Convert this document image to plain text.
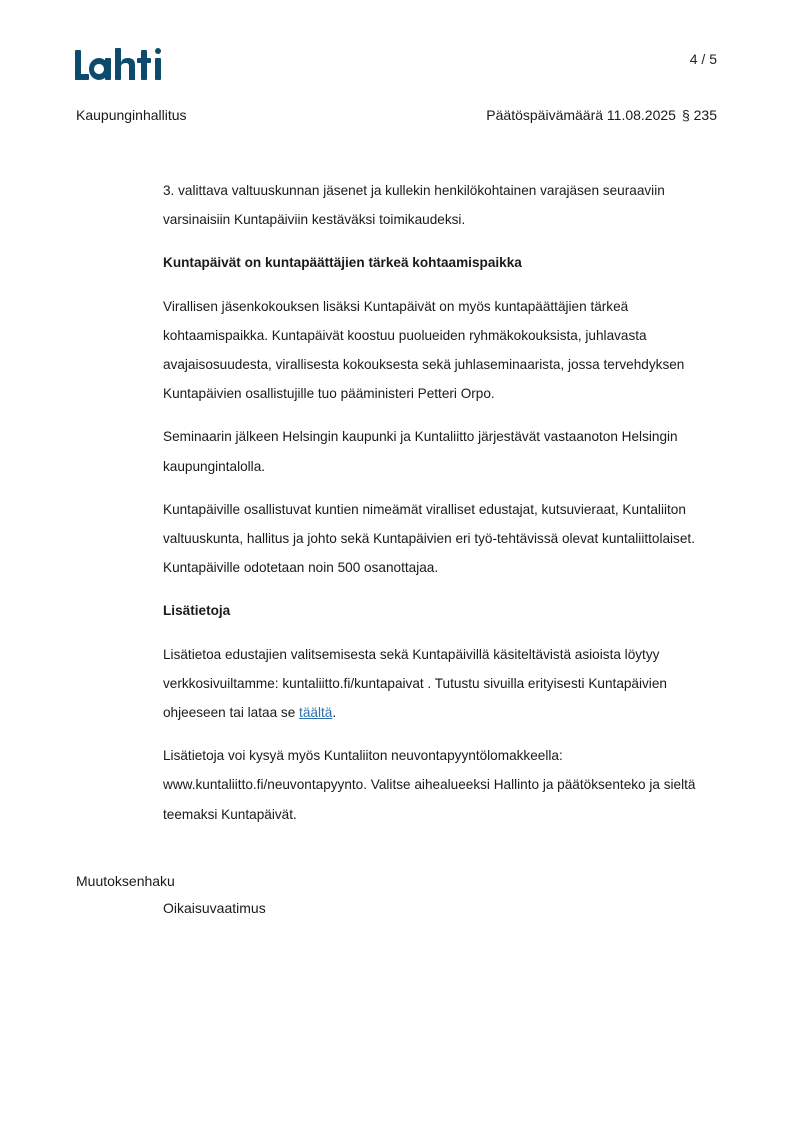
4 / 5
Kaupunginhallitus	Päätöspäivämäärä 11.08.2025 § 235

3. valittava valtuuskunnan jäsenet ja kullekin henkilökohtainen varajäsen seuraaviin varsinaisiin Kuntapäiviin kestäväksi toimikaudeksi.

Kuntapäivät on kuntapäättäjien tärkeä kohtaamispaikka

Virallisen jäsenkokouksen lisäksi Kuntapäivät on myös kuntapäättäjien tärkeä kohtaamispaikka. Kuntapäivät koostuu puolueiden ryhmäkokouksista, juhlavasta avajaisosuudesta, virallisesta kokouksesta sekä juhlaseminaarista, jossa tervehdyksen Kuntapäivien osallistujille tuo pääministeri Petteri Orpo.

Seminaarin jälkeen Helsingin kaupunki ja Kuntaliitto järjestävät vastaanoton Helsingin kaupungintalolla.

Kuntapäiville osallistuvat kuntien nimeämät viralliset edustajat, kutsuvieraat, Kuntaliiton valtuuskunta, hallitus ja johto sekä Kuntapäivien eri työ-tehtävissä olevat kuntaliittolaiset. Kuntapäiville odotetaan noin 500 osanottajaa.

Lisätietoja

Lisätietoa edustajien valitsemisesta sekä Kuntapäivillä käsiteltävistä asioista löytyy verkkosivuiltamme: kuntaliitto.fi/kuntapaivat . Tutustu sivuilla erityisesti Kuntapäivien ohjeeseen tai lataa se täältä.

Lisätietoja voi kysyä myös Kuntaliiton neuvontapyyntölomakkeella: www.kuntaliitto.fi/neuvontapyynto. Valitse aihealueeksi Hallinto ja päätöksenteko ja sieltä teemaksi Kuntapäivät.

Muutoksenhaku
Oikaisuvaatimus
